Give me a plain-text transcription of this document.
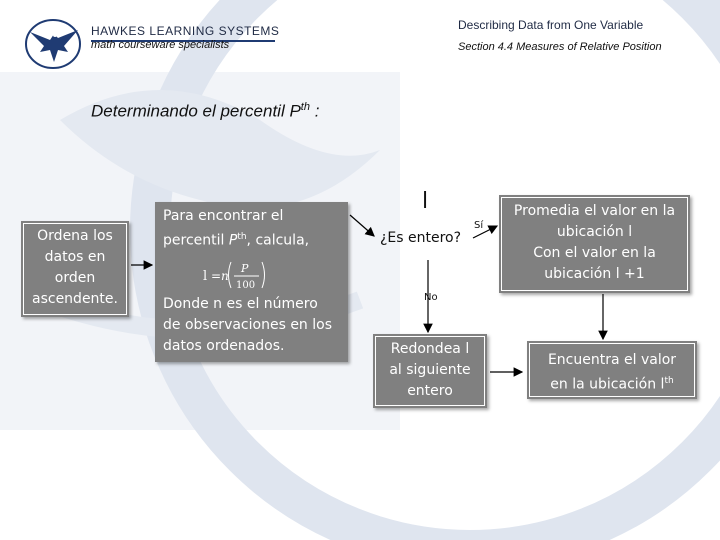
HAWKES LEARNING SYSTEMS
math courseware specialists
Describing Data from One Variable
Section 4.4 Measures of Relative Position
Determinando el percentil $P^{th}$ :
Ordena los
datos en
orden
ascendente.
Para encontrar el
percentil $P^{th}$, calcula,
l = n
P
100
Donde n es el número
de observaciones en los
datos ordenados.
l
¿Es entero?
Sí
No
Promedia el valor en la
ubicación l
Con el valor en la
ubicación l +1
Redondea l
al siguiente
entero
Encuentra el valor
en la ubicación $l^{th}$
